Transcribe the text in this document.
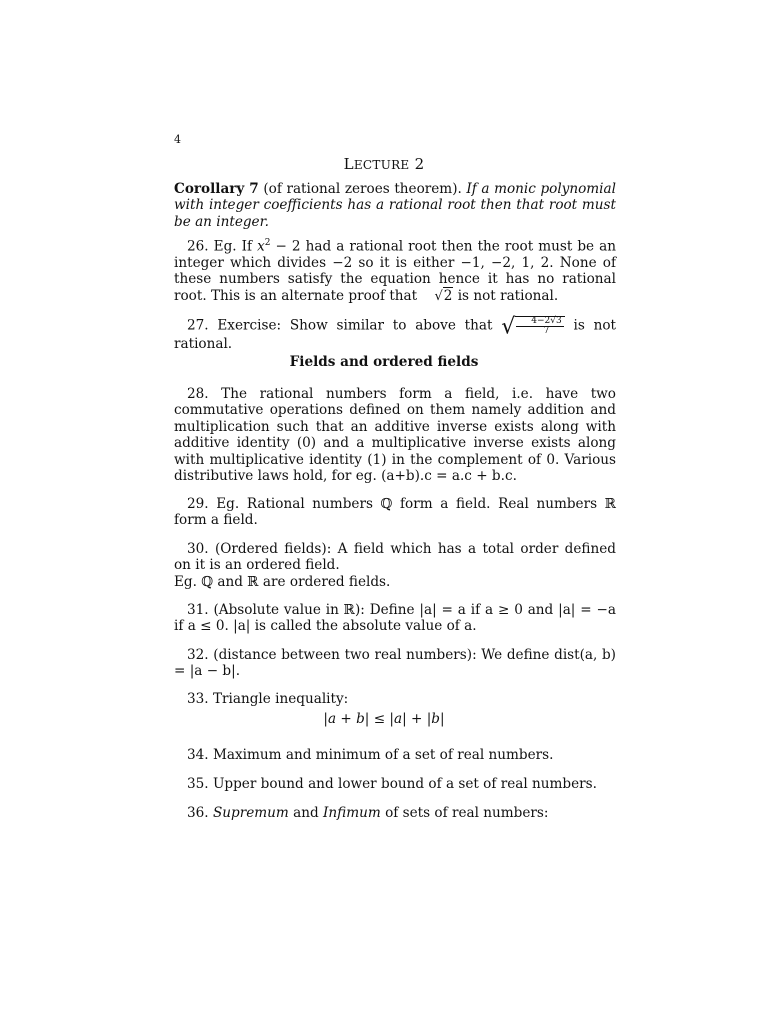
4
LECTURE 2

Corollary 7 (of rational zeroes theorem). If a monic polynomial with integer coefficients has a rational root then that root must be an integer.

26. Eg. If $x^2 - 2$ had a rational root then the root must be an integer which divides −2 so it is either −1, −2, 1, 2. None of these numbers satisfy the equation hence it has no rational root. This is an alternate proof that √2 is not rational.

27. Exercise: Show similar to above that √ $\frac{4-2√3}{7}$ is not rational.

Fields and ordered fields

28. The rational numbers form a field, i.e. have two commutative operations defined on them namely addition and multiplication such that an additive inverse exists along with additive identity (0) and a multiplicative inverse exists along with multiplicative identity (1) in the complement of 0. Various distributive laws hold, for eg. (a+b).c = a.c + b.c.

29. Eg. Rational numbers ℚ form a field. Real numbers ℝ form a field.

30. (Ordered fields): A field which has a total order defined on it is an ordered field.

Eg. ℚ and ℝ are ordered fields.

31. (Absolute value in ℝ): Define |a| = a if a ≥ 0 and |a| = −a if a ≤ 0. |a| is called the absolute value of a.

32. (distance between two real numbers): We define dist(a, b) = |a − b|.

33. Triangle inequality:

|a + b| ≤ |a| + |b|

34. Maximum and minimum of a set of real numbers.

35. Upper bound and lower bound of a set of real numbers.

36. Supremum and Infimum of sets of real numbers:
